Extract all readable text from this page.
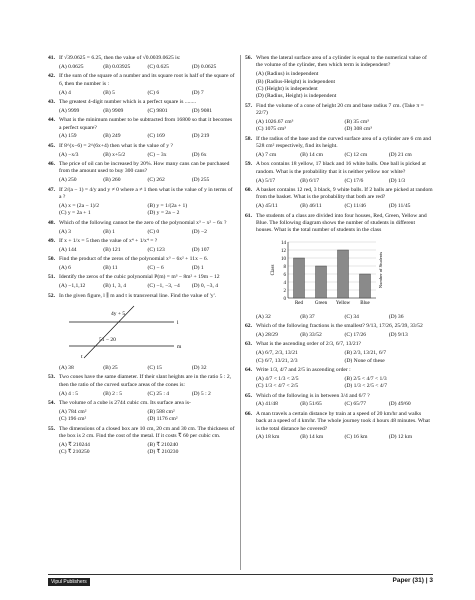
41. If √39.0625 = 6.25, then the value of √0.0039.0625 is:
(A) 0.0625	(B) 0.03925	(C) 0.625	(D) 0.0625
42. If the sum of the square of a number and its square root is half of the square of 6, then the number is :
(A) 4	(B) 5	(C) 6	(D) 7
43. The greatest 4-digit number which is a perfect square is ........
(A) 9999	(B) 9909	(C) 9801	(D) 9081
44. What is the minimum number to be subtracted from 16800 so that it becomes a perfect square?
(A) 159	(B) 249	(C) 169	(D) 219
45. If 8^(x−6) = 2^(6x+4) then what is the value of y ?
(A) −x/3	(B) x+5/2	(C) − 3x	(D) 6x
46. The price of oil can be increased by 20%. How many cans can be purchased from the amount used to buy 300 cans?
(A) 250	(B) 260	(C) 262	(D) 255
47. If 2/(a − 1) = 4/y and y ≠ 0 where a ≠ 1 then what is the value of y in terms of a ?
(A) x = (2a − 1)/2	(B) y = 1/(2a + 1)
(C) y = 2a + 1	(D) y = 2a − 2
48. Which of the following cannot be the zero of the polynomial x³ − x² − 6x ?
(A) 3	(B) 1	(C) 0	(D) −2
49. If x + 1/x = 5 then the value of x⁴ + 1/x⁴ = ?
(A) 144	(B) 121	(C) 123	(D) 107
50. Find the product of the zeros of the polynomial x³ − 6x² + 11x − 6.
(A) 6	(B) 11	(C) − 6	(D) 1
51. Identify the zeros of the cubic polynomial P(m) = m³ − 8m² + 19m − 12
(A) −1,1,12	(B) 1, 3, 4	(C) −1, −3, −4	(D) 0, −3, 4
52. In the given figure, l ∥ m and t is transversal line. Find the value of 'y'.
4y + 5
51 − 20
l
m
t
(A) 38	(B) 25	(C) 15	(D) 32
53. Two cones have the same diameter. If their slant heights are in the ratio 5 : 2, then the ratio of the curved surface areas of the cones is:
(A) 4 : 5	(B) 2 : 5	(C) 25 : 4	(D) 5 : 2
54. The volume of a cube is 2744 cubic cm. Its surface area is-
(A) 784 cm²	(B) 588 cm²
(C) 196 cm²	(D) 1176 cm²
55. The dimensions of a closed box are 10 cm, 20 cm and 30 cm. The thickness of the box is 2 cm. Find the cost of the metal. If it costs ₹ 60 per cubic cm.
(A) ₹ 210244	(B) ₹ 210240
(C) ₹ 210250	(D) ₹ 210230
56. When the lateral surface area of a cylinder is equal to the numerical value of the volume of the cylinder, then which term is independent?
(A) (Radius) is independent
(B) (Radius-Height) is independent
(C) (Height) is independent
(D) (Radius, Height) is independent
57. Find the volume of a cone of height 20 cm and base radius 7 cm. (Take π = 22/7)
(A) 1026.67 cm³	(B) 35 cm³
(C) 1075 cm³	(D) 308 cm³
58. If the radius of the base and the curved surface area of a cylinder are 6 cm and 528 cm² respectively, find its height.
(A) 7 cm	(B) 14 cm	(C) 12 cm	(D) 21 cm
59. A box contains 18 yellow, 17 black and 16 white balls. One ball is picked at random. What is the probability that it is neither yellow nor white?
(A) 5/17	(B) 6/17	(C) 17/6	(D) 1/3
60. A basket contains 12 red, 3 black, 9 white balls. If 2 balls are picked at random from the basket. What is the probability that both are red?
(A) 45/11	(B) 46/11	(C) 11/46	(D) 11/45
61. The students of a class are divided into four houses, Red, Green, Yellow and Blue. The following diagram shows the number of students in different houses. What is the total number of students in the class
14
12
10
8
6
4
2
0
Red Green Yellow Blue
Class	Number of Students
(A) 32	(B) 37	(C) 34	(D) 36
62. Which of the following fractions is the smallest? 9/13, 17/26, 25/39, 33/52
(A) 28/29	(B) 33/52	(C) 17/26	(D) 9/13
63. What is the ascending order of 2/3, 6/7, 13/21?
(A) 6/7, 2/3, 13/21	(B) 2/3, 13/21, 6/7
(C) 6/7, 13/21, 2/3	(D) None of these
64. Write 1/3, 4/7 and 2/5 in ascending order :
(A) 4/7 < 1/3 < 2/5	(B) 2/5 < 4/7 < 1/3
(C) 1/3 < 4/7 < 2/5	(D) 1/3 < 2/5 < 4/7
65. Which of the following is in between 3/4 and 6/7 ?
(A) 41/48	(B) 51/65	(C) 65/77	(D) 49/60
66. A man travels a certain distance by train at a speed of 20 km/hr and walks back at a speed of 4 km/hr. The whole journey took 4 hours 48 minutes. What is the total distance he covered?
(A) 18 km	(B) 14 km	(C) 16 km	(D) 12 km
Vipul Publishers	Paper (31) | 3
